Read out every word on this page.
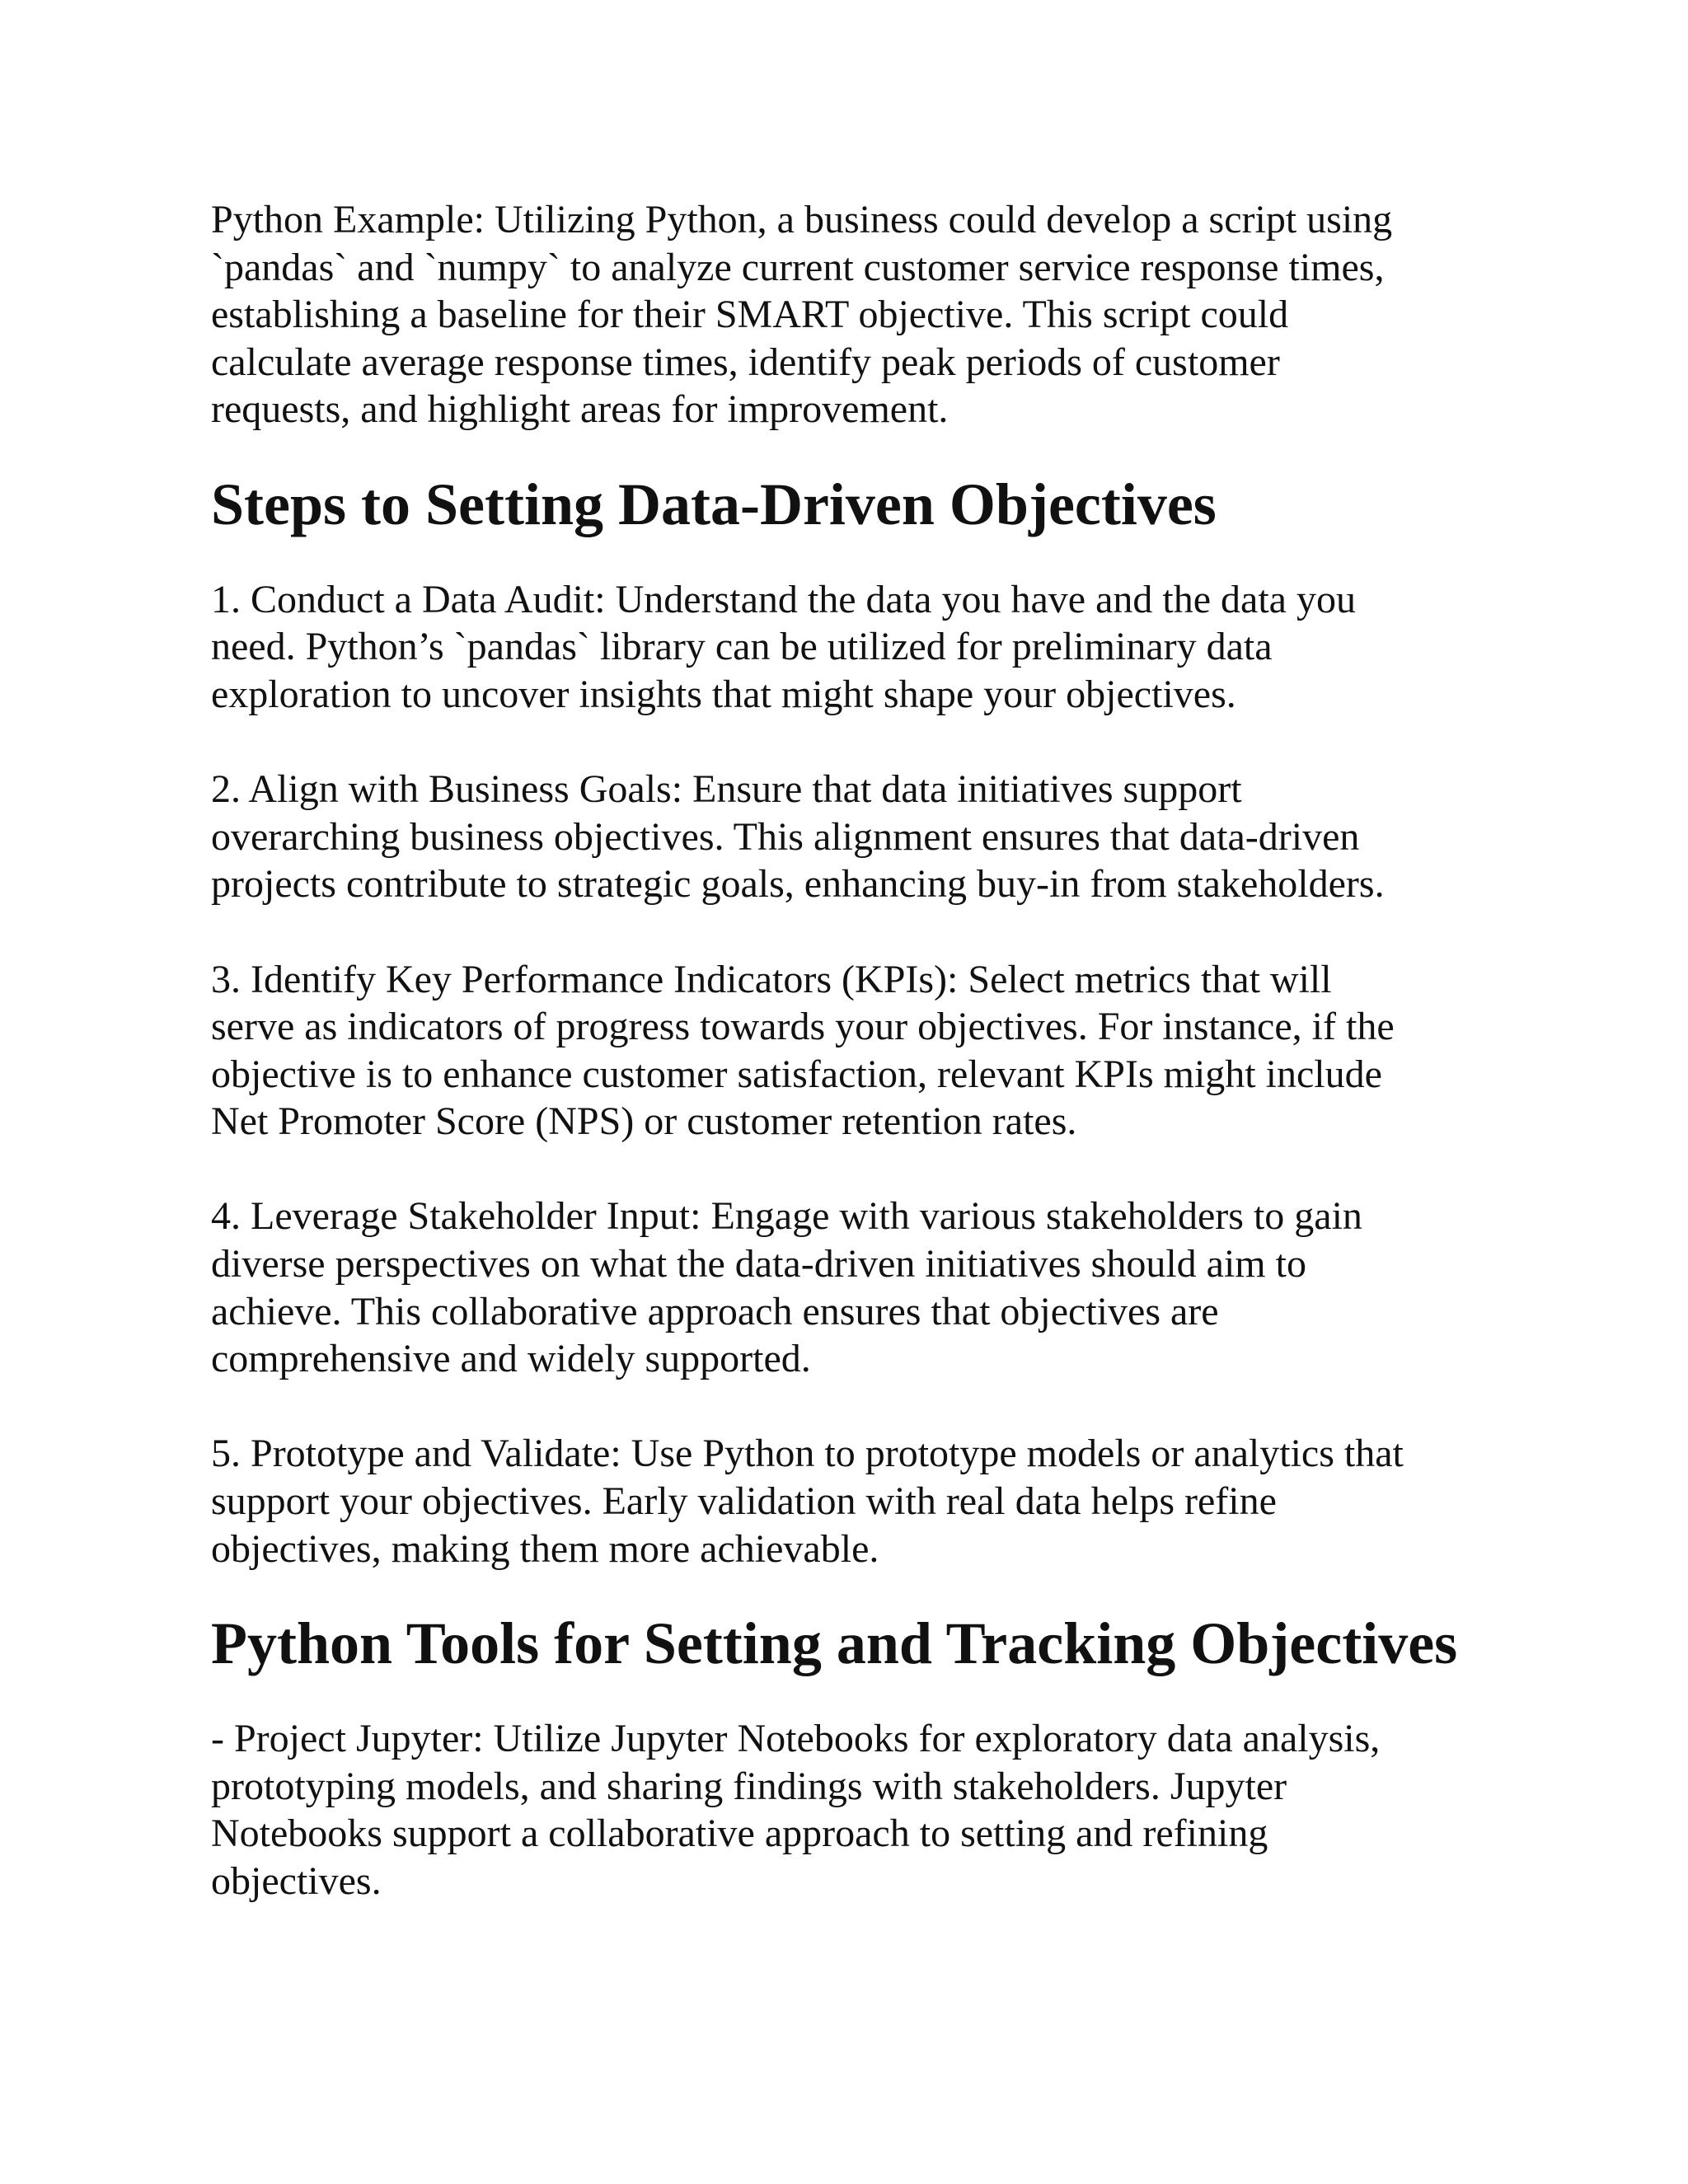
Python Example: Utilizing Python, a business could develop a script using
`pandas` and `numpy` to analyze current customer service response times,
establishing a baseline for their SMART objective. This script could
calculate average response times, identify peak periods of customer
requests, and highlight areas for improvement.

Steps to Setting Data-Driven Objectives

1. Conduct a Data Audit: Understand the data you have and the data you
need. Python’s `pandas` library can be utilized for preliminary data
exploration to uncover insights that might shape your objectives.

2. Align with Business Goals: Ensure that data initiatives support
overarching business objectives. This alignment ensures that data-driven
projects contribute to strategic goals, enhancing buy-in from stakeholders.

3. Identify Key Performance Indicators (KPIs): Select metrics that will
serve as indicators of progress towards your objectives. For instance, if the
objective is to enhance customer satisfaction, relevant KPIs might include
Net Promoter Score (NPS) or customer retention rates.

4. Leverage Stakeholder Input: Engage with various stakeholders to gain
diverse perspectives on what the data-driven initiatives should aim to
achieve. This collaborative approach ensures that objectives are
comprehensive and widely supported.

5. Prototype and Validate: Use Python to prototype models or analytics that
support your objectives. Early validation with real data helps refine
objectives, making them more achievable.

Python Tools for Setting and Tracking Objectives

- Project Jupyter: Utilize Jupyter Notebooks for exploratory data analysis,
prototyping models, and sharing findings with stakeholders. Jupyter
Notebooks support a collaborative approach to setting and refining
objectives.
